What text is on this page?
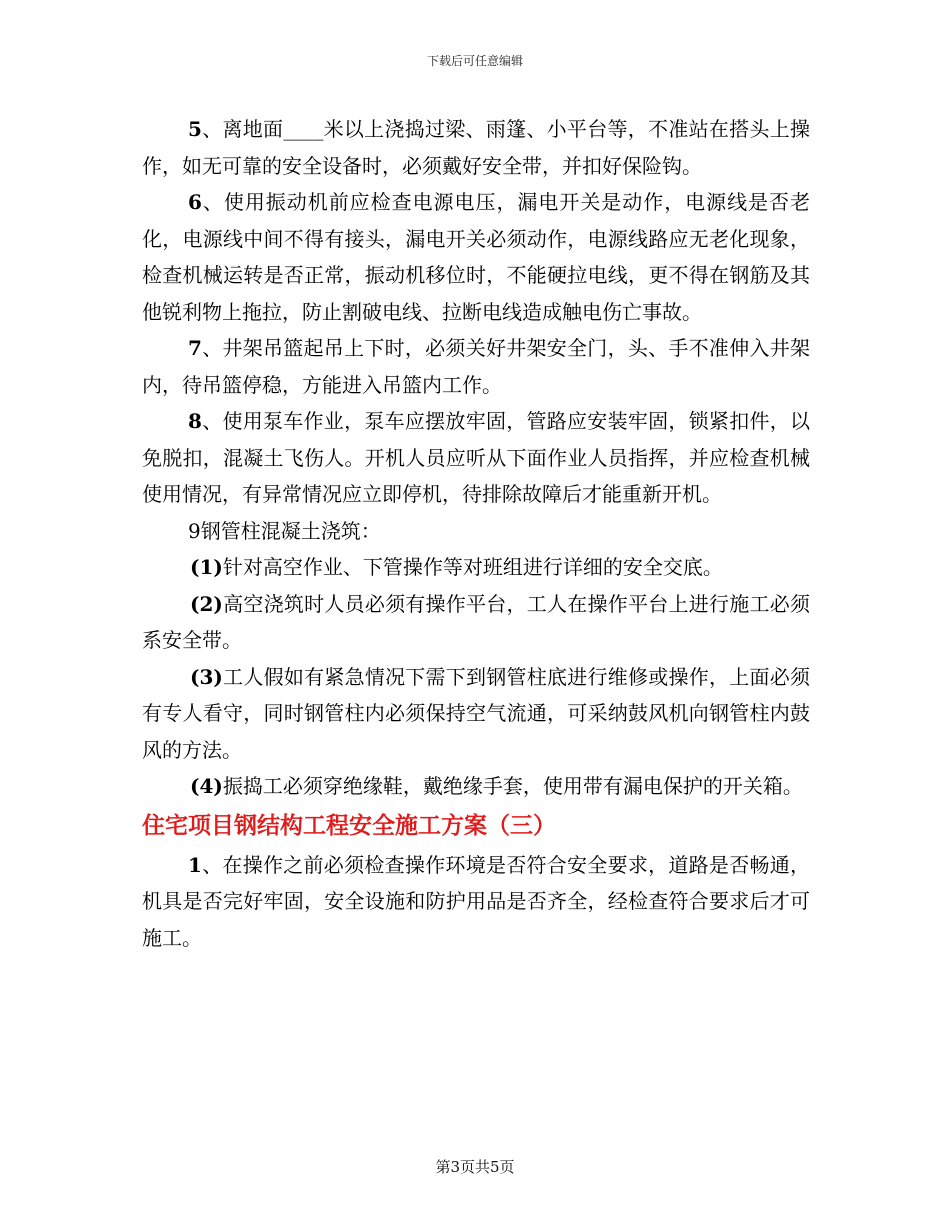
下载后可任意编辑

5、离地面____米以上浇捣过梁、雨篷、小平台等，不准站在搭头上操作，如无可靠的安全设备时，必须戴好安全带，并扣好保险钩。

6、使用振动机前应检查电源电压，漏电开关是动作，电源线是否老化，电源线中间不得有接头，漏电开关必须动作，电源线路应无老化现象，检查机械运转是否正常，振动机移位时，不能硬拉电线，更不得在钢筋及其他锐利物上拖拉，防止割破电线、拉断电线造成触电伤亡事故。

7、井架吊篮起吊上下时，必须关好井架安全门，头、手不准伸入井架内，待吊篮停稳，方能进入吊篮内工作。

8、使用泵车作业，泵车应摆放牢固，管路应安装牢固，锁紧扣件，以免脱扣，混凝土飞伤人。开机人员应听从下面作业人员指挥，并应检查机械使用情况，有异常情况应立即停机，待排除故障后才能重新开机。

9钢管柱混凝土浇筑：

(1)针对高空作业、下管操作等对班组进行详细的安全交底。

(2)高空浇筑时人员必须有操作平台，工人在操作平台上进行施工必须系安全带。

(3)工人假如有紧急情况下需下到钢管柱底进行维修或操作，上面必须有专人看守，同时钢管柱内必须保持空气流通，可采纳鼓风机向钢管柱内鼓风的方法。

(4)振捣工必须穿绝缘鞋，戴绝缘手套，使用带有漏电保护的开关箱。

住宅项目钢结构工程安全施工方案（三）

1、在操作之前必须检查操作环境是否符合安全要求，道路是否畅通，机具是否完好牢固，安全设施和防护用品是否齐全，经检查符合要求后才可施工。

第3页共5页
